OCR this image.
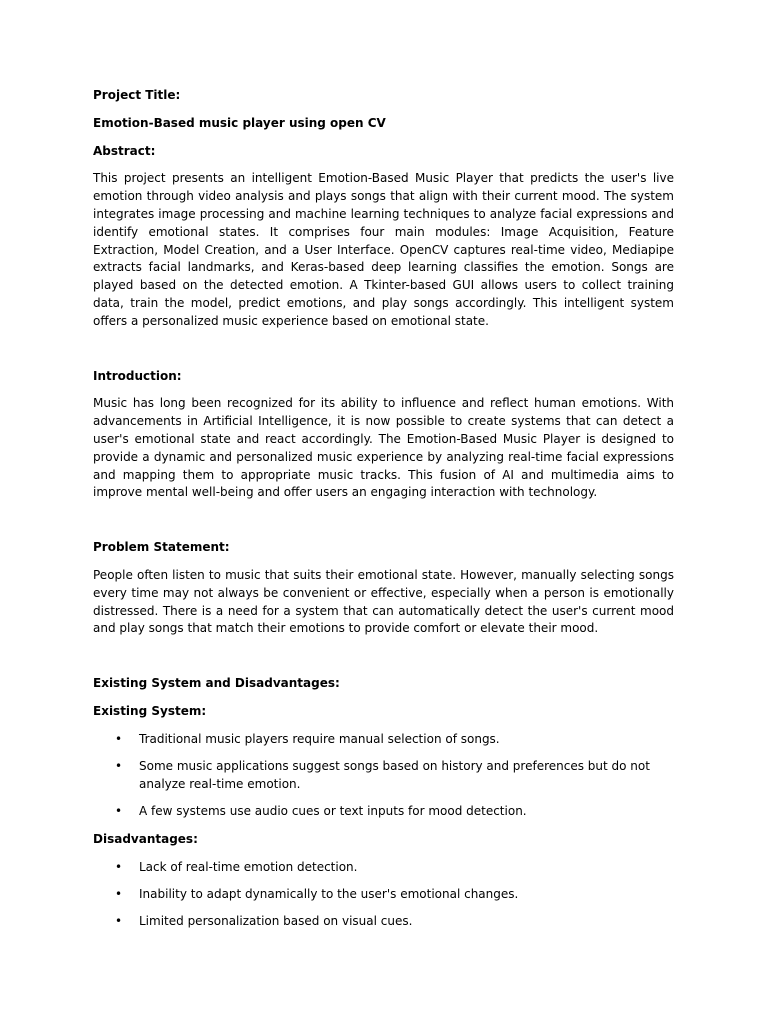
Project Title:

Emotion-Based music player using open CV

Abstract:

This project presents an intelligent Emotion-Based Music Player that predicts the user's live emotion through video analysis and plays songs that align with their current mood. The system integrates image processing and machine learning techniques to analyze facial expressions and identify emotional states. It comprises four main modules: Image Acquisition, Feature Extraction, Model Creation, and a User Interface. OpenCV captures real-time video, Mediapipe extracts facial landmarks, and Keras-based deep learning classifies the emotion. Songs are played based on the detected emotion. A Tkinter-based GUI allows users to collect training data, train the model, predict emotions, and play songs accordingly. This intelligent system offers a personalized music experience based on emotional state.

Introduction:

Music has long been recognized for its ability to influence and reflect human emotions. With advancements in Artificial Intelligence, it is now possible to create systems that can detect a user's emotional state and react accordingly. The Emotion-Based Music Player is designed to provide a dynamic and personalized music experience by analyzing real-time facial expressions and mapping them to appropriate music tracks. This fusion of AI and multimedia aims to improve mental well-being and offer users an engaging interaction with technology.

Problem Statement:

People often listen to music that suits their emotional state. However, manually selecting songs every time may not always be convenient or effective, especially when a person is emotionally distressed. There is a need for a system that can automatically detect the user's current mood and play songs that match their emotions to provide comfort or elevate their mood.

Existing System and Disadvantages:

Existing System:

• Traditional music players require manual selection of songs.
• Some music applications suggest songs based on history and preferences but do not analyze real-time emotion.
• A few systems use audio cues or text inputs for mood detection.

Disadvantages:

• Lack of real-time emotion detection.
• Inability to adapt dynamically to the user's emotional changes.
• Limited personalization based on visual cues.
